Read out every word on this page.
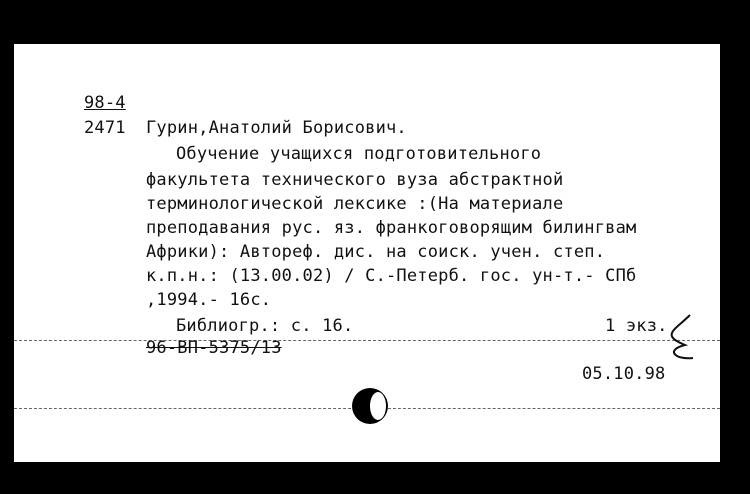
98-4
2471 Гурин,Анатолий Борисович.
Обучение учащихся подготовительного
факультета технического вуза абстрактной
терминологической лексике :(На материале
преподавания рус. яз. франкоговорящим билингвам
Африки): Автореф. дис. на соиск. учен. степ.
к.п.н.: (13.00.02) / С.-Петерб. гос. ун-т.- СПб
,1994.- 16с.
Библиогр.: с. 16.	1 экз.
96-ВП-5375/13
05.10.98
